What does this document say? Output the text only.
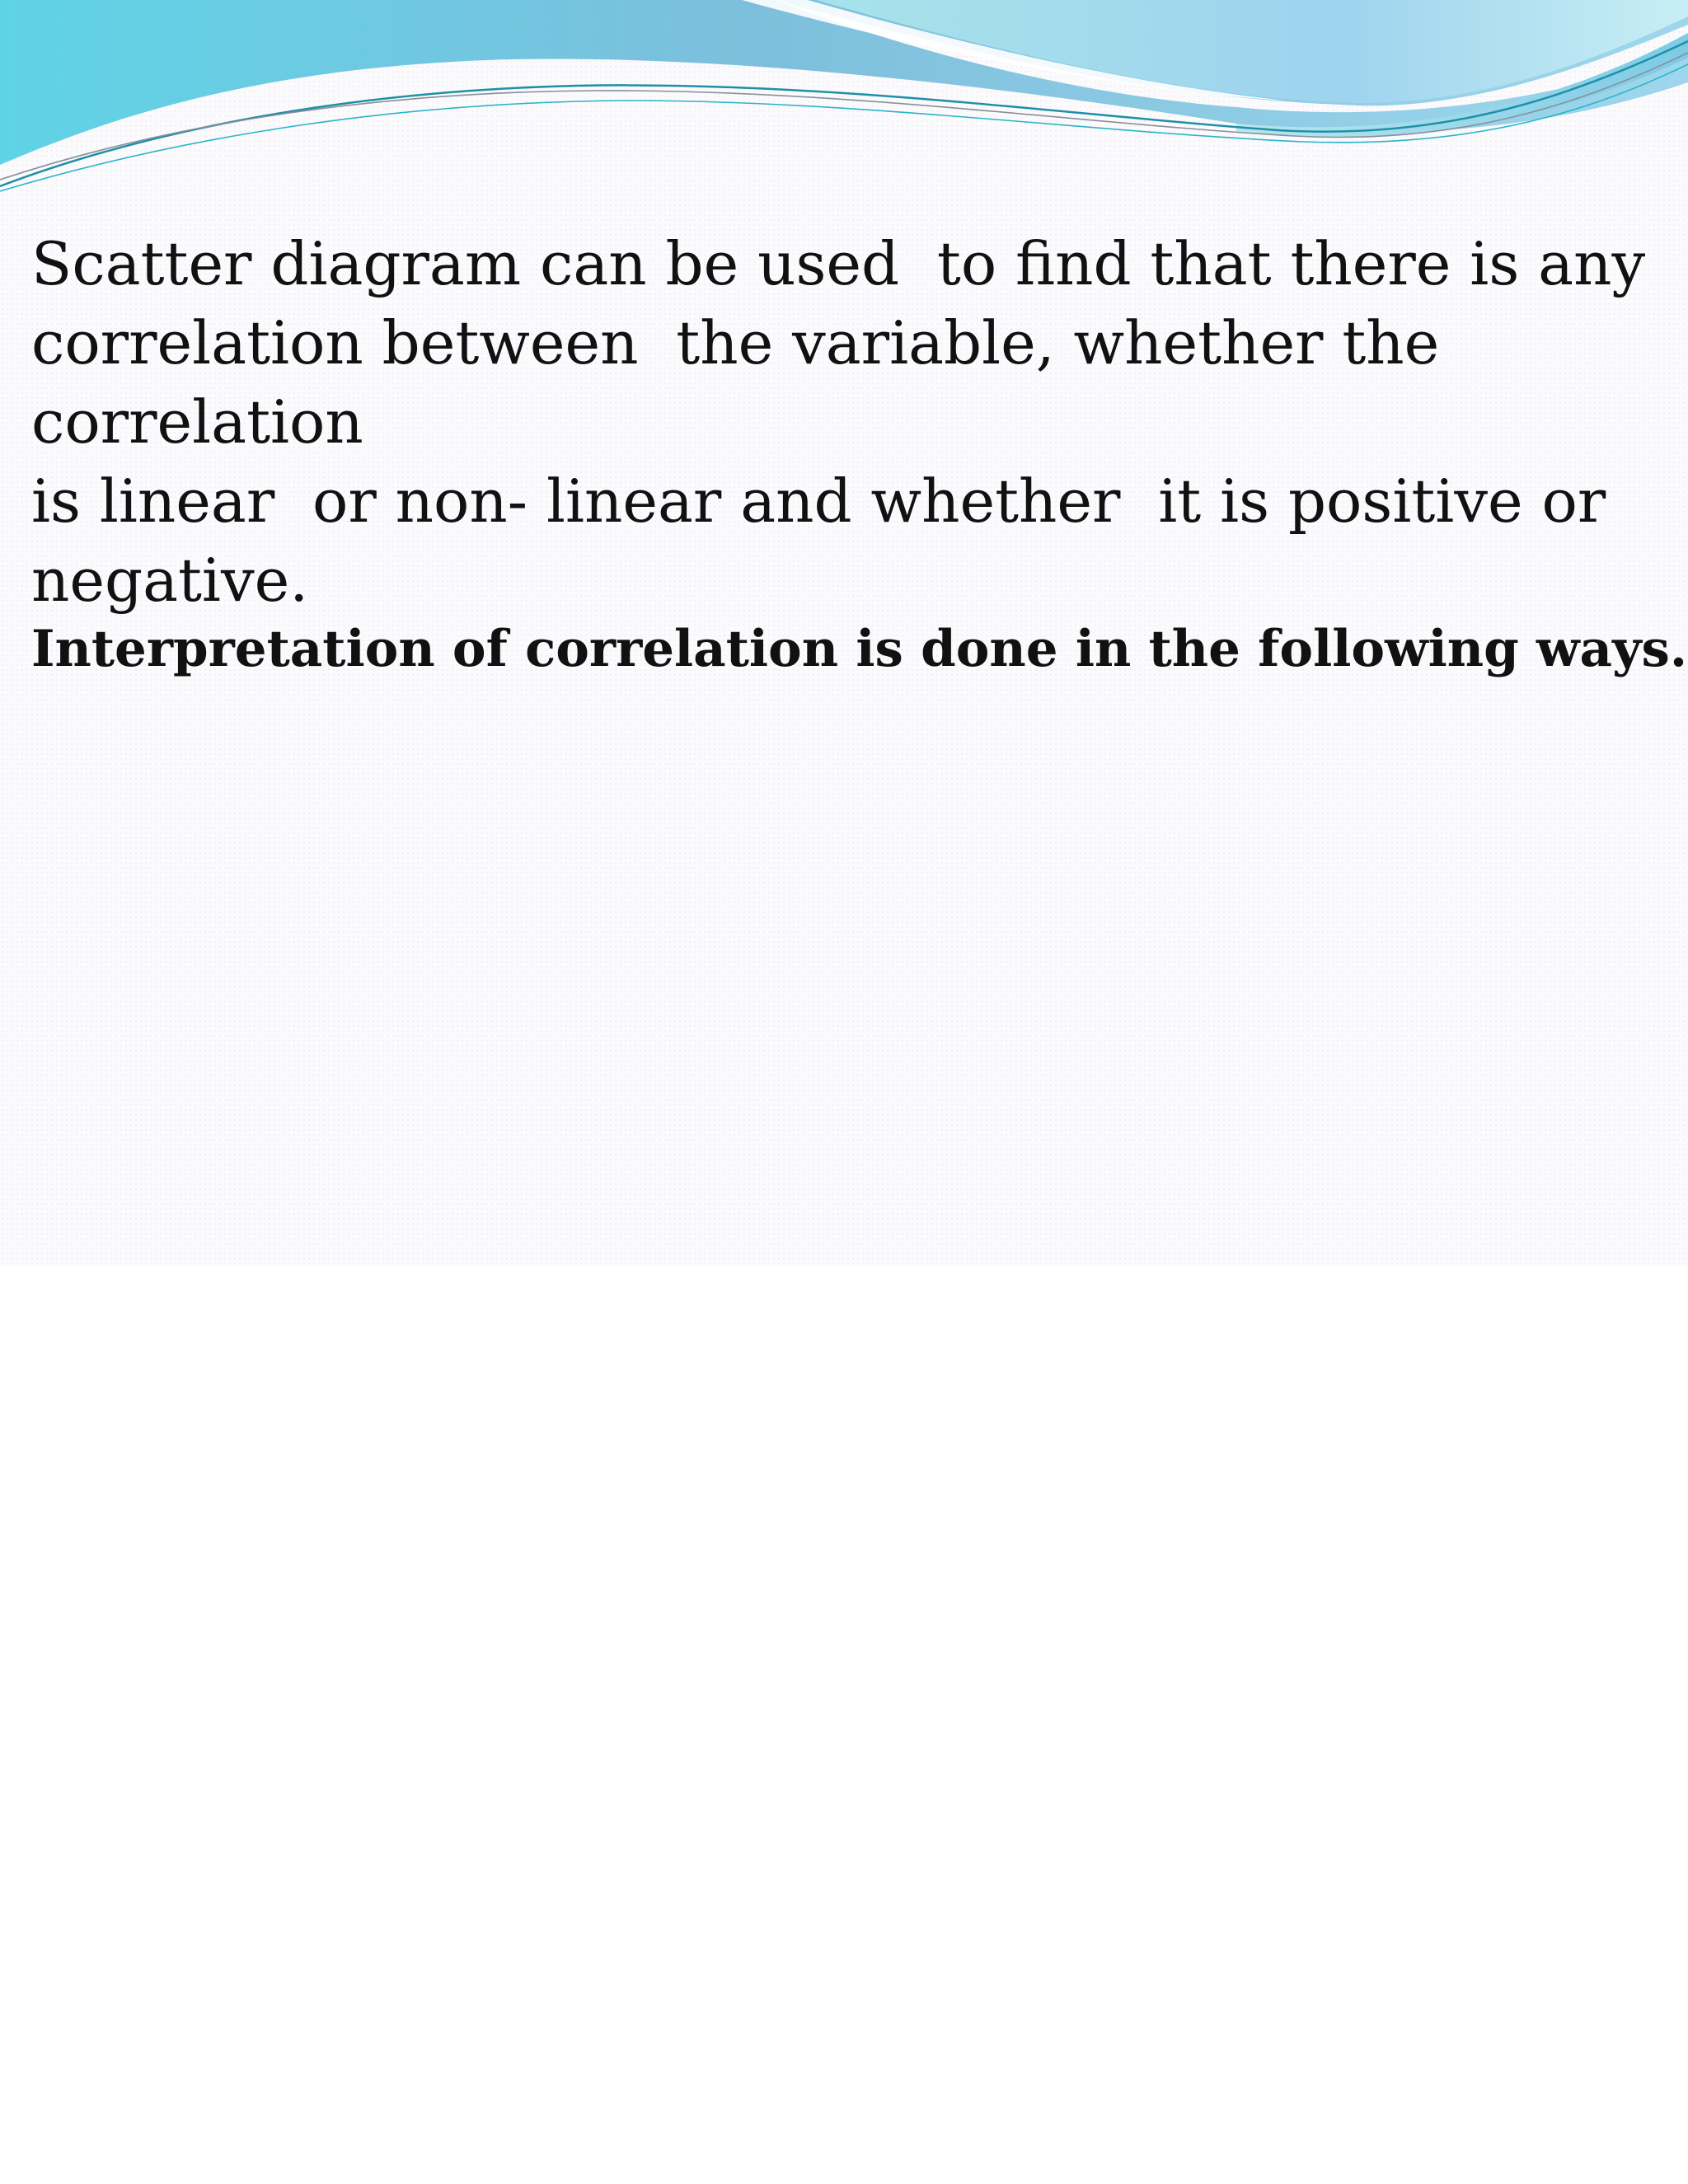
Scatter diagram can be used  to find that there is any
correlation between  the variable, whether the correlation
is linear  or non- linear and whether  it is positive or
negative.

Interpretation of correlation is done in the following ways.
